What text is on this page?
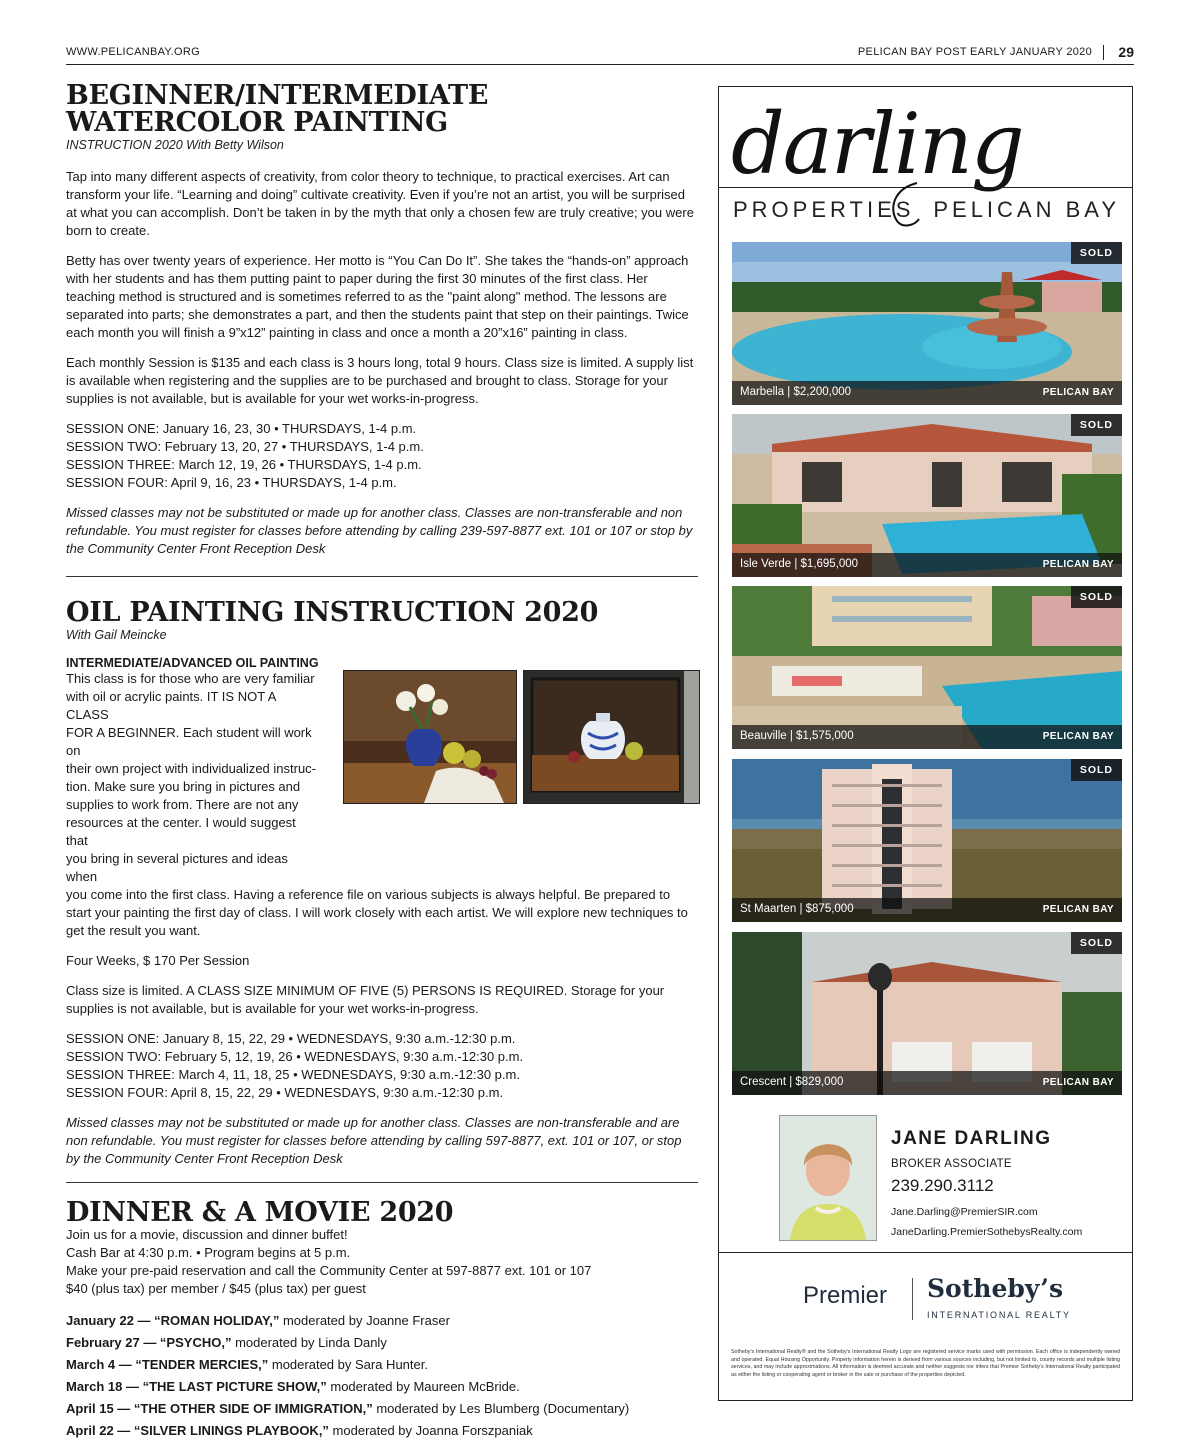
WWW.PELICANBAY.ORG	PELICAN BAY POST EARLY JANUARY 2020 29
BEGINNER/INTERMEDIATE
WATERCOLOR PAINTING
INSTRUCTION 2020 With Betty Wilson

Tap into many different aspects of creativity, from color theory to technique, to practical exercises. Art can transform your life. “Learning and doing” cultivate creativity. Even if you’re not an artist, you will be surprised at what you can accomplish. Don’t be taken in by the myth that only a chosen few are truly creative; you were born to create.

Betty has over twenty years of experience. Her motto is “You Can Do It”. She takes the “hands-on” approach with her students and has them putting paint to paper during the first 30 minutes of the first class. Her teaching method is structured and is sometimes referred to as the "paint along" method. The lessons are separated into parts; she demonstrates a part, and then the students paint that step on their paintings. Twice each month you will finish a 9”x12” painting in class and once a month a 20”x16” painting in class.

Each monthly Session is $135 and each class is 3 hours long, total 9 hours. Class size is limited. A supply list is available when registering and the supplies are to be purchased and brought to class. Storage for your supplies is not available, but is available for your wet works-in-progress.

SESSION ONE: January 16, 23, 30 • THURSDAYS, 1-4 p.m.
SESSION TWO: February 13, 20, 27 • THURSDAYS, 1-4 p.m.
SESSION THREE: March 12, 19, 26 • THURSDAYS, 1-4 p.m.
SESSION FOUR: April 9, 16, 23 • THURSDAYS, 1-4 p.m.

Missed classes may not be substituted or made up for another class. Classes are non-transferable and non refundable. You must register for classes before attending by calling 239-597-8877 ext. 101 or 107 or stop by the Community Center Front Reception Desk

OIL PAINTING INSTRUCTION 2020
With Gail Meincke
INTERMEDIATE/ADVANCED OIL PAINTING

This class is for those who are very familiar

with oil or acrylic paints. IT IS NOT A CLASS

FOR A BEGINNER. Each student will work on

their own project with individualized instruc-

tion. Make sure you bring in pictures and

supplies to work from. There are not any

resources at the center. I would suggest that

you bring in several pictures and ideas when

you come into the first class. Having a reference file on various subjects is always helpful. Be prepared to start your painting the first day of class. I will work closely with each artist. We will explore new techniques to get the result you want.

Four Weeks, $ 170 Per Session

Class size is limited. A CLASS SIZE MINIMUM OF FIVE (5) PERSONS IS REQUIRED. Storage for your supplies is not available, but is available for your wet works-in-progress.

SESSION ONE: January 8, 15, 22, 29 • WEDNESDAYS, 9:30 a.m.-12:30 p.m.
SESSION TWO: February 5, 12, 19, 26 • WEDNESDAYS, 9:30 a.m.-12:30 p.m.
SESSION THREE: March 4, 11, 18, 25 • WEDNESDAYS, 9:30 a.m.-12:30 p.m.
SESSION FOUR: April 8, 15, 22, 29 • WEDNESDAYS, 9:30 a.m.-12:30 p.m.

Missed classes may not be substituted or made up for another class. Classes are non-transferable and are non refundable. You must register for classes before attending by calling 597-8877, ext. 101 or 107, or stop by the Community Center Front Reception Desk

DINNER & A MOVIE 2020

Join us for a movie, discussion and dinner buffet!

Cash Bar at 4:30 p.m. • Program begins at 5 p.m.

Make your pre-paid reservation and call the Community Center at 597-8877 ext. 101 or 107

$40 (plus tax) per member / $45 (plus tax) per guest

January 22 — “ROMAN HOLIDAY,” moderated by Joanne Fraser
February 27 — “PSYCHO,” moderated by Linda Danly
March 4 — “TENDER MERCIES,” moderated by Sara Hunter.
March 18 — “THE LAST PICTURE SHOW,” moderated by Maureen McBride.
April 15 — “THE OTHER SIDE OF IMMIGRATION,” moderated by Les Blumberg (Documentary)
April 22 — “SILVER LININGS PLAYBOOK,” moderated by Joanna Forszpaniak
darling
PROPERTIES PELICAN BAY
SOLD
Marbella | $2,200,000	PELICAN BAY
SOLD
Isle Verde | $1,695,000	PELICAN BAY
SOLD
Beauville | $1,575,000	PELICAN BAY
SOLD
St Maarten | $875,000	PELICAN BAY
SOLD
Crescent | $829,000	PELICAN BAY
JANE DARLING
BROKER ASSOCIATE
239.290.3112
Jane.Darling@PremierSIR.com
JaneDarling.PremierSothebysRealty.com
Premier Sotheby’s
INTERNATIONAL REALTY
Sotheby’s International Realty® and the Sotheby’s International Realty Logo are registered service marks used with permission. Each office is independently owned and operated. Equal Housing Opportunity. Property information herein is derived from various sources including, but not limited to, county records and multiple listing services, and may include approximations. All information is deemed accurate and neither suggests nor infers that Premier Sotheby’s International Realty participated as either the listing or cooperating agent or broker in the sale or purchase of the properties depicted.
